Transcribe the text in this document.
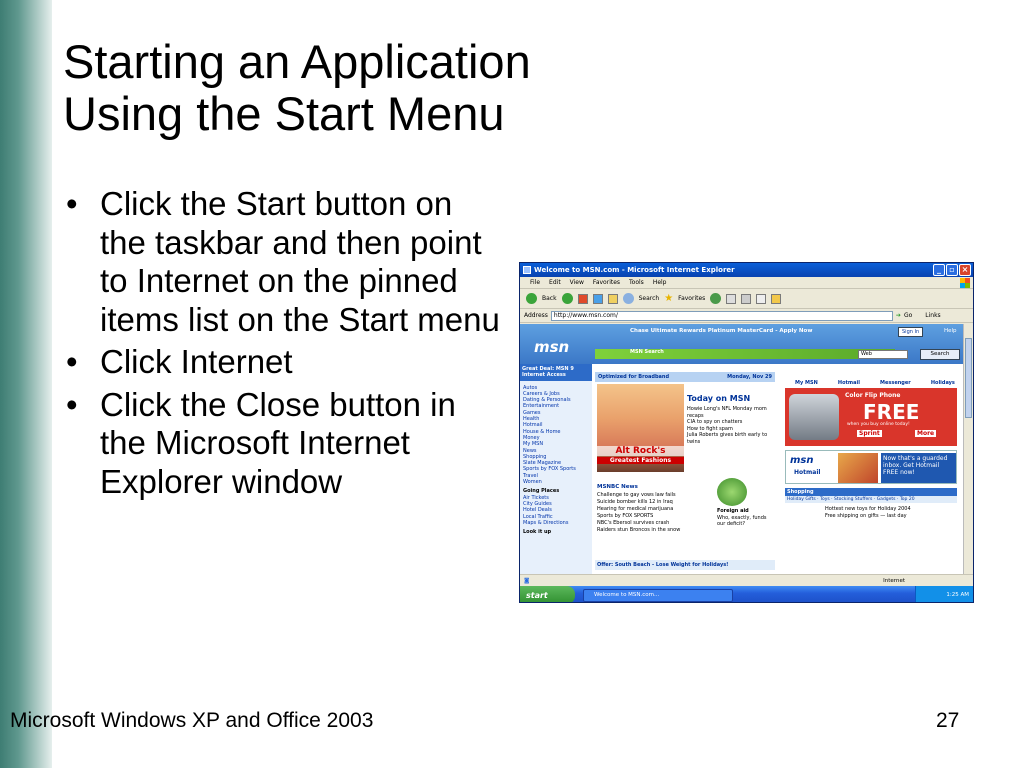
Starting an Application
Using the Start Menu
• Click the Start button on the taskbar and then point to Internet on the pinned items list on the Start menu
• Click Internet
• Click the Close button in the Microsoft Internet Explorer window
Welcome to MSN.com - Microsoft Internet Explorer	_	▫ ×
File Edit View Favorites Tools Help
Back	Search ★ Favorites
Address http://www.msn.com/	➔ Go Links
msn
Chase Ultimate Rewards Platinum MasterCard - Apply Now	Sign In	Help
MSN Search	Web	Search
Great Deal: MSN 9 Internet Access
Autos
Careers & Jobs
Dating & Personals
Entertainment
Games
Health
Hotmail
House & Home
Money
My MSN
News
Shopping
Slate Magazine
Sports by FOX Sports
Travel
Women
Going Places
Air Tickets
City Guides
Hotel Deals
Local Traffic
Maps & Directions
Look it up
Optimized for Broadband	Monday, Nov 29
Alt Rock's
Greatest Fashions
Today on MSN
Howie Long's NFL Monday mom recaps
CIA to spy on chatters
How to fight spam
Julia Roberts gives birth early to twins
MSNBC News
Challenge to gay vows law fails
Suicide bomber kills 12 in Iraq
Hearing for medical marijuana
Sports by FOX SPORTS
NBC's Ebersol survives crash
Raiders stun Broncos in the snow
Foreign aid
Who, exactly, funds our deficit?
Offer: South Beach - Lose Weight for Holidays!
My MSN	Hotmail	Messenger	Holidays
Color Flip Phone
FREE
when you buy online today!
Sprint	More
msn
Hotmail
Now that's a guarded inbox. Get Hotmail FREE now!
Shopping
Holiday Gifts · Toys · Stocking Stuffers · Gadgets · Top 20
Hottest new toys for Holiday 2004
Free shipping on gifts — last day
◙	Internet
start	Welcome to MSN.com...	1:25 AM
Microsoft Windows XP and Office 2003	27
